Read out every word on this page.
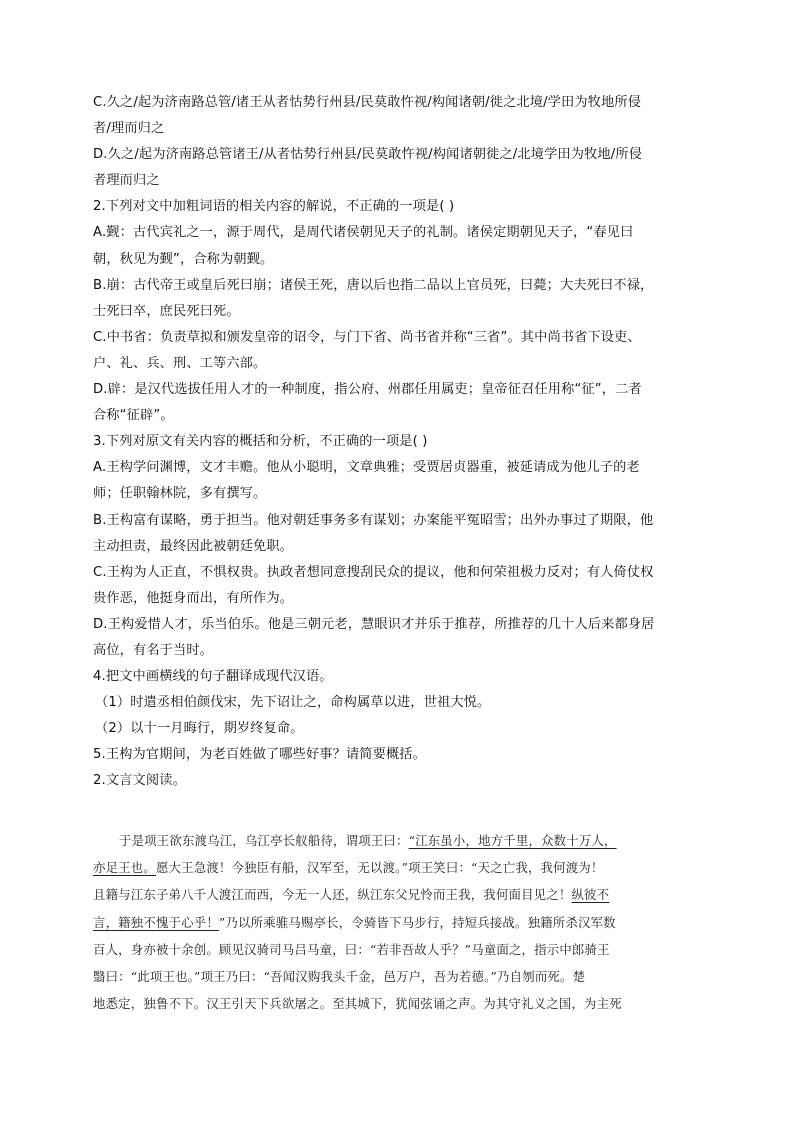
C.久之/起为济南路总管/诸王从者怙势行州县/民莫敢忤视/构闻诸朝/徙之北境/学田为牧地所侵
者/理而归之
D.久之/起为济南路总管诸王/从者怙势行州县/民莫敢忤视/构闻诸朝徙之/北境学田为牧地/所侵
者理而归之
2.下列对文中加粗词语的相关内容的解说，不正确的一项是( )
A.觐：古代宾礼之一，源于周代，是周代诸侯朝见天子的礼制。诸侯定期朝见天子，“春见曰
朝，秋见为觐”，合称为朝觐。
B.崩：古代帝王或皇后死曰崩；诸侯王死，唐以后也指二品以上官员死，曰薨；大夫死曰不禄，
士死曰卒，庶民死曰死。
C.中书省：负责草拟和颁发皇帝的诏令，与门下省、尚书省并称“三省”。其中尚书省下设吏、
户、礼、兵、刑、工等六部。
D.辟：是汉代选拔任用人才的一种制度，指公府、州郡任用属吏；皇帝征召任用称“征”，二者
合称“征辟”。
3.下列对原文有关内容的概括和分析，不正确的一项是( )
A.王构学问渊博，文才丰赡。他从小聪明，文章典雅；受贾居贞器重，被延请成为他儿子的老
师；任职翰林院，多有撰写。
B.王构富有谋略，勇于担当。他对朝廷事务多有谋划；办案能平冤昭雪；出外办事过了期限，他
主动担责，最终因此被朝廷免职。
C.王构为人正直，不惧权贵。执政者想同意搜刮民众的提议，他和何荣祖极力反对；有人倚仗权
贵作恶，他挺身而出，有所作为。
D.王构爱惜人才，乐当伯乐。他是三朝元老，慧眼识才并乐于推荐，所推荐的几十人后来都身居
高位，有名于当时。
4.把文中画横线的句子翻译成现代汉语。
（1）时遣丞相伯颜伐宋，先下诏让之，命构属草以进，世祖大悦。
（2）以十一月晦行，期岁终复命。
5.王构为官期间，为老百姓做了哪些好事？请简要概括。
2.文言文阅读。
于是项王欲东渡乌江，乌江亭长舣船待，谓项王曰：“江东虽小，地方千里，众数十万人，
亦足王也。愿大王急渡！今独臣有船，汉军至，无以渡。”项王笑曰：“天之亡我，我何渡为！
且籍与江东子弟八千人渡江而西，今无一人还，纵江东父兄怜而王我，我何面目见之！纵彼不
言，籍独不愧于心乎！”乃以所乘骓马赐亭长，令骑皆下马步行，持短兵接战。独籍所杀汉军数
百人，身亦被十余创。顾见汉骑司马吕马童，曰：“若非吾故人乎？”马童面之，指示中郎骑王
翳曰：“此项王也。”项王乃曰：“吾闻汉购我头千金，邑万户，吾为若德。”乃自刎而死。楚
地悉定，独鲁不下。汉王引天下兵欲屠之。至其城下，犹闻弦诵之声。为其守礼义之国，为主死
